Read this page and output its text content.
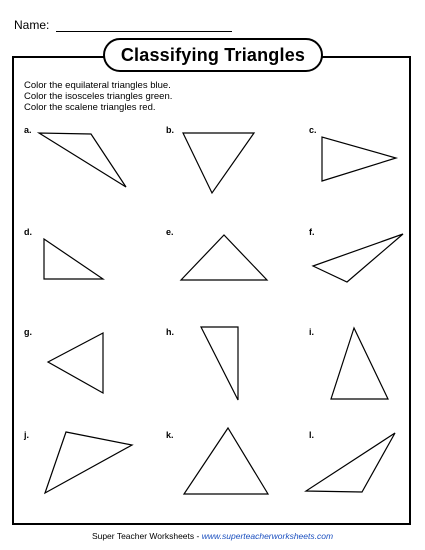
Name:
Classifying Triangles
Color the equilateral triangles blue.
Color the isosceles triangles green.
Color the scalene triangles red.
a.	b.	c.
d.	e.	f.
g.	h.	i.
j.	k.	l.
Super Teacher Worksheets - www.superteacherworksheets.com
